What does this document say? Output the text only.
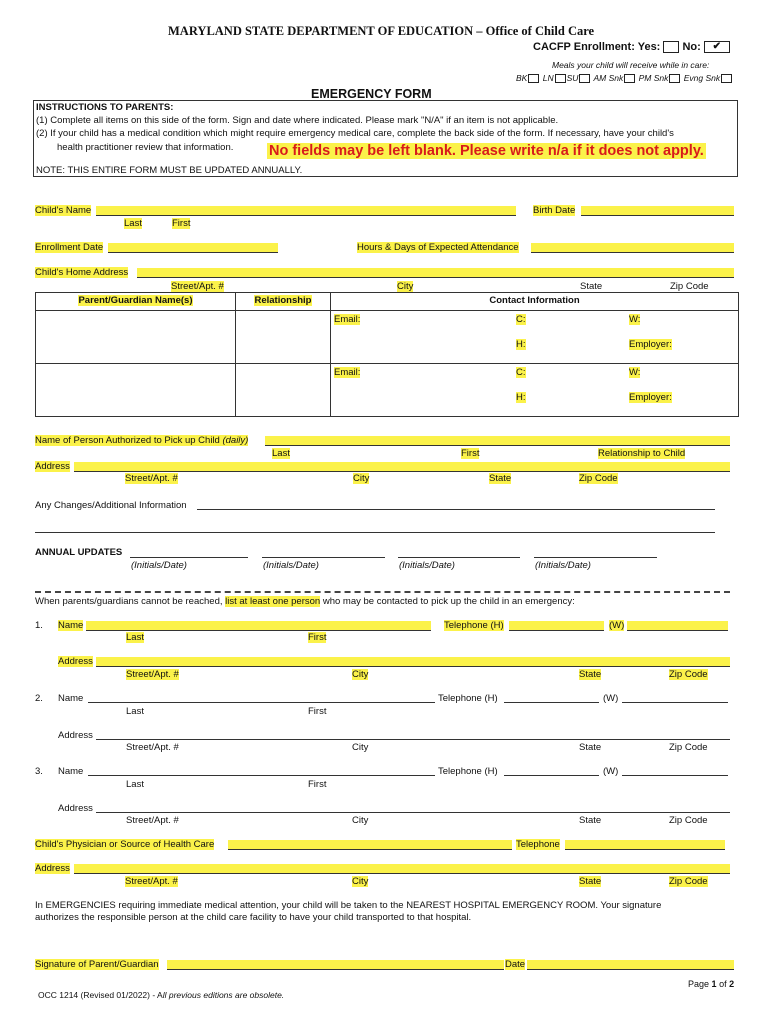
MARYLAND STATE DEPARTMENT OF EDUCATION – Office of Child Care
CACFP Enrollment: Yes: No: ✔
Meals your child will receive while in care:
BK LN SU AM Snk PM Snk Evng Snk
EMERGENCY FORM
INSTRUCTIONS TO PARENTS:
(1) Complete all items on this side of the form. Sign and date where indicated. Please mark "N/A" if an item is not applicable.
(2) If your child has a medical condition which might require emergency medical care, complete the back side of the form. If necessary, have your child's
health practitioner review that information. No fields may be left blank. Please write n/a if it does not apply.
NOTE: THIS ENTIRE FORM MUST BE UPDATED ANNUALLY.
Child's Name
Last	First
Birth Date
Enrollment Date	Hours & Days of Expected Attendance
Child's Home Address
Street/Apt. #	City	State	Zip Code
Parent/Guardian Name(s)	Relationship	Contact Information

		Email: C: W:
H: Employer:

		Email: C: W:
H: Employer:
Name of Person Authorized to Pick up Child (daily)
Last	First	Relationship to Child
Address
Street/Apt. #	City	State	Zip Code
Any Changes/Additional Information
ANNUAL UPDATES
(Initials/Date)	(Initials/Date)	(Initials/Date)	(Initials/Date)
When parents/guardians cannot be reached, list at least one person who may be contacted to pick up the child in an emergency:
1. Name	Telephone (H)	(W)
Last	First
Address
Street/Apt. #	City	State	Zip Code
2. Name	Telephone (H)	(W)
Last	First
Address
Street/Apt. #	City	State	Zip Code
3. Name	Telephone (H)	(W)
Last	First
Address
Street/Apt. #	City	State	Zip Code
Child's Physician or Source of Health Care	Telephone
Address
Street/Apt. #	City	State	Zip Code
In EMERGENCIES requiring immediate medical attention, your child will be taken to the NEAREST HOSPITAL EMERGENCY ROOM. Your signature
authorizes the responsible person at the child care facility to have your child transported to that hospital.
Signature of Parent/Guardian	Date
Page 1 of 2
OCC 1214 (Revised 01/2022) - All previous editions are obsolete.
